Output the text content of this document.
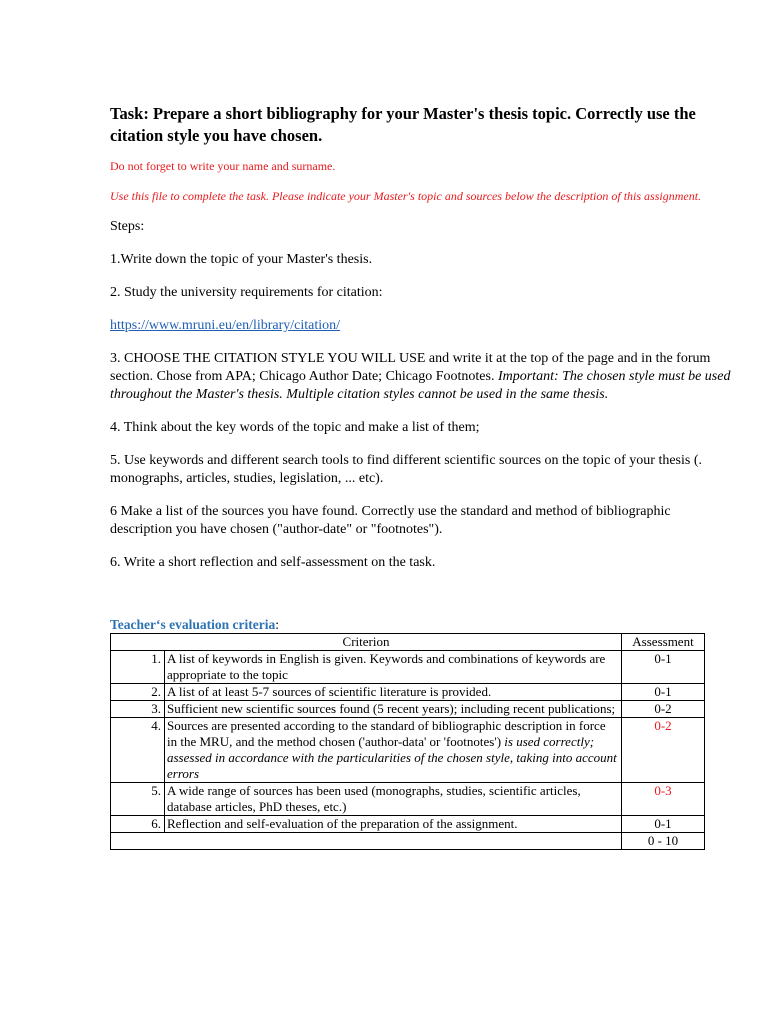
Task: Prepare a short bibliography for your Master's thesis topic. Correctly use the citation style you have chosen.

Do not forget to write your name and surname.

Use this file to complete the task. Please indicate your Master's topic and sources below the description of this assignment.

Steps:

1.Write down the topic of your Master's thesis.

2. Study the university requirements for citation:

https://www.mruni.eu/en/library/citation/

3. CHOOSE THE CITATION STYLE YOU WILL USE and write it at the top of the page and in the forum section. Chose from APA; Chicago Author Date; Chicago Footnotes. Important: The chosen style must be used throughout the Master's thesis. Multiple citation styles cannot be used in the same thesis.

4. Think about the key words of the topic and make a list of them;

5. Use keywords and different search tools to find different scientific sources on the topic of your thesis (. monographs, articles, studies, legislation, ... etc).

6 Make a list of the sources you have found. Correctly use the standard and method of bibliographic description you have chosen ("author-date" or "footnotes").

6. Write a short reflection and self-assessment on the task.

Teacher‘s evaluation criteria:

Criterion		Assessment
1.	A list of keywords in English is given. Keywords and combinations of keywords are appropriate to the topic	0-1
2.	A list of at least 5-7 sources of scientific literature is provided.	0-1
3.	Sufficient new scientific sources found (5 recent years); including recent publications;	0-2
4.	Sources are presented according to the standard of bibliographic description in force in the MRU, and the method chosen ('author-data' or 'footnotes') is used correctly; assessed in accordance with the particularities of the chosen style, taking into account errors	0-2
5.	A wide range of sources has been used (monographs, studies, scientific articles, database articles, PhD theses, etc.)	0-3
6.	Reflection and self-evaluation of the preparation of the assignment.	0-1
		0 - 10
